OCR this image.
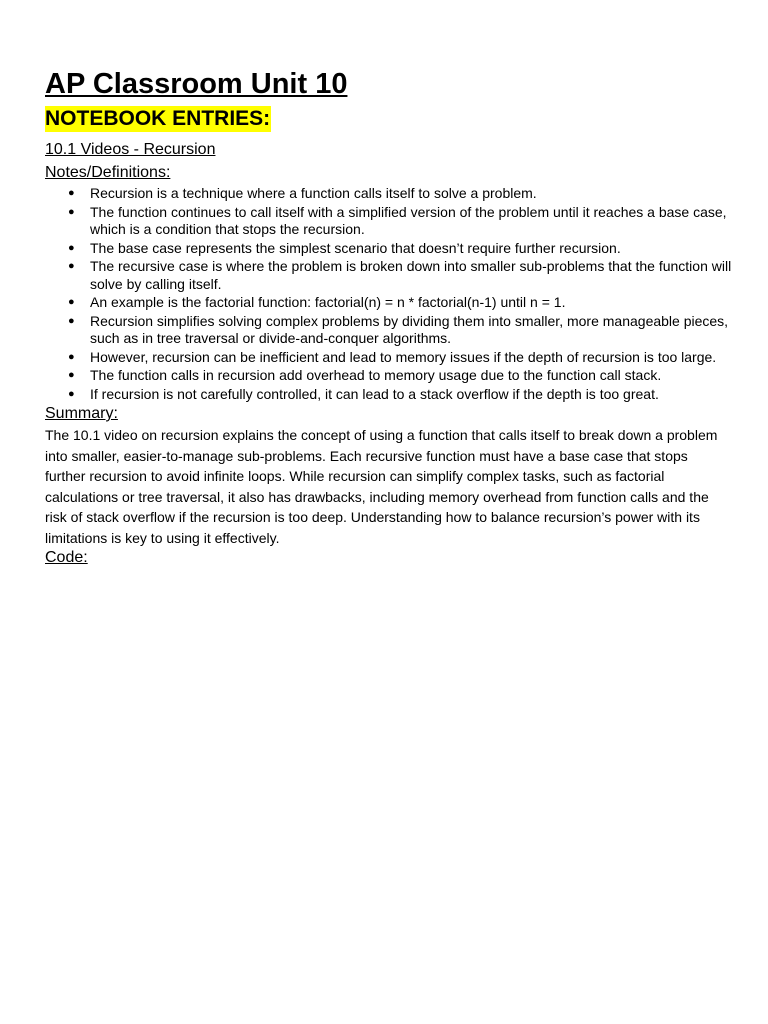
AP Classroom Unit 10
NOTEBOOK ENTRIES:
10.1 Videos - Recursion
Notes/Definitions:
● Recursion is a technique where a function calls itself to solve a problem.
● The function continues to call itself with a simplified version of the problem until it reaches a base case, which is a condition that stops the recursion.
● The base case represents the simplest scenario that doesn’t require further recursion.
● The recursive case is where the problem is broken down into smaller sub-problems that the function will solve by calling itself.
● An example is the factorial function: factorial(n) = n * factorial(n-1) until n = 1.
● Recursion simplifies solving complex problems by dividing them into smaller, more manageable pieces, such as in tree traversal or divide-and-conquer algorithms.
● However, recursion can be inefficient and lead to memory issues if the depth of recursion is too large.
● The function calls in recursion add overhead to memory usage due to the function call stack.
● If recursion is not carefully controlled, it can lead to a stack overflow if the depth is too great.
Summary:

The 10.1 video on recursion explains the concept of using a function that calls itself to break down a problem into smaller, easier-to-manage sub-problems. Each recursive function must have a base case that stops further recursion to avoid infinite loops. While recursion can simplify complex tasks, such as factorial calculations or tree traversal, it also has drawbacks, including memory overhead from function calls and the risk of stack overflow if the recursion is too deep. Understanding how to balance recursion’s power with its limitations is key to using it effectively.

Code:
